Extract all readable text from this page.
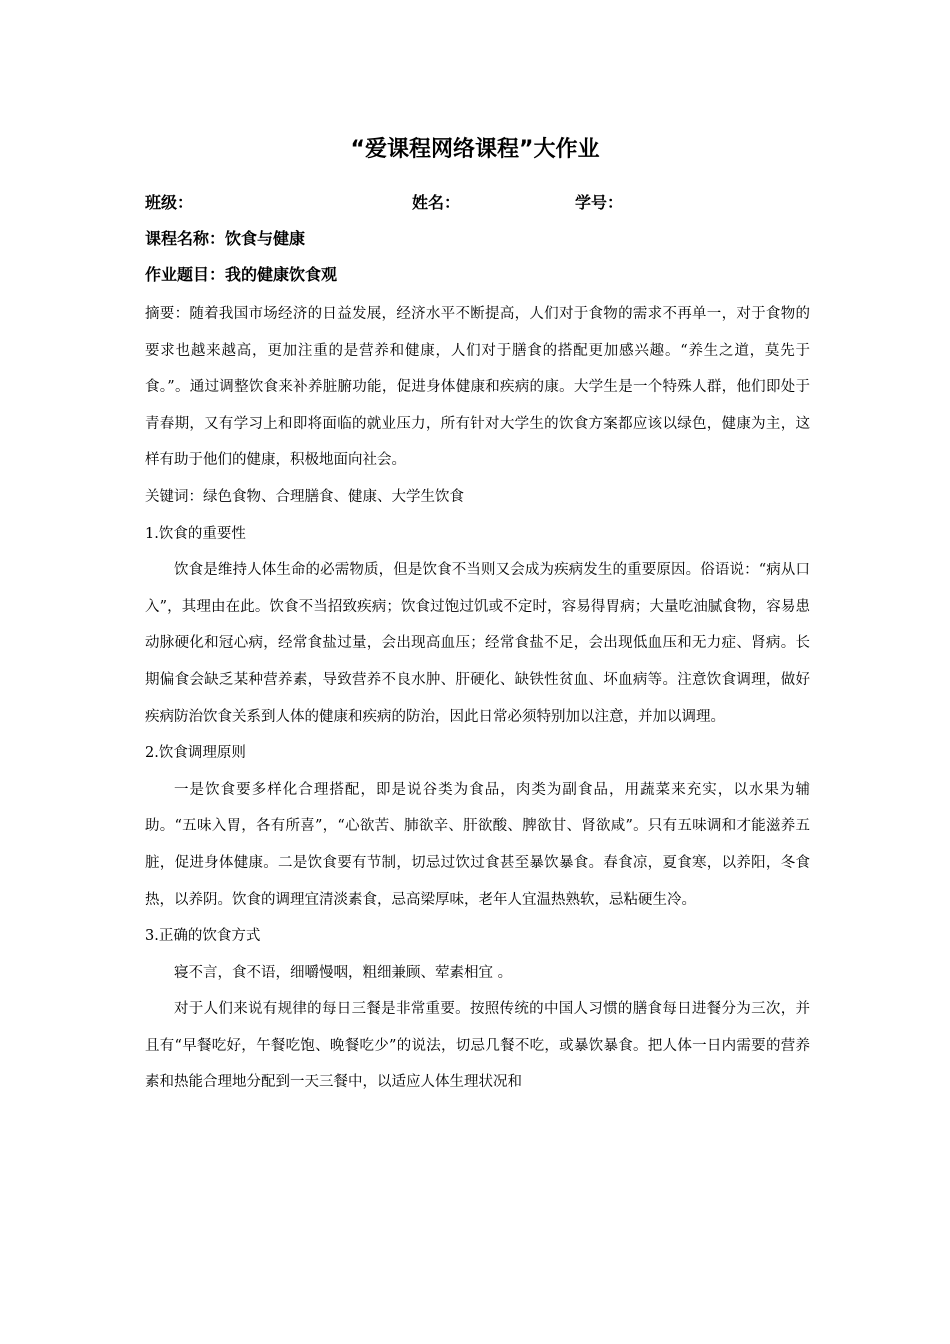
“爱课程网络课程”大作业
班级：	姓名：	学号：
课程名称：饮食与健康
作业题目：我的健康饮食观

摘要：随着我国市场经济的日益发展，经济水平不断提高，人们对于食物的需求不再单一，对于食物的要求也越来越高，更加注重的是营养和健康，人们对于膳食的搭配更加感兴趣。“养生之道，莫先于食。”。通过调整饮食来补养脏腑功能，促进身体健康和疾病的康。大学生是一个特殊人群，他们即处于青春期，又有学习上和即将面临的就业压力，所有针对大学生的饮食方案都应该以绿色，健康为主，这样有助于他们的健康，积极地面向社会。

关键词：绿色食物、合理膳食、健康、大学生饮食

1.饮食的重要性

饮食是维持人体生命的必需物质，但是饮食不当则又会成为疾病发生的重要原因。俗语说：“病从口入”，其理由在此。饮食不当招致疾病；饮食过饱过饥或不定时，容易得胃病；大量吃油腻食物，容易患动脉硬化和冠心病，经常食盐过量，会出现高血压；经常食盐不足，会出现低血压和无力症、肾病。长期偏食会缺乏某种营养素，导致营养不良水肿、肝硬化、缺铁性贫血、坏血病等。注意饮食调理，做好疾病防治饮食关系到人体的健康和疾病的防治，因此日常必须特别加以注意，并加以调理。

2.饮食调理原则

一是饮食要多样化合理搭配，即是说谷类为食品，肉类为副食品，用蔬菜来充实，以水果为辅助。“五味入胃，各有所喜”，“心欲苦、肺欲辛、肝欲酸、脾欲甘、肾欲咸”。只有五味调和才能滋养五脏，促进身体健康。二是饮食要有节制，切忌过饮过食甚至暴饮暴食。春食凉，夏食寒，以养阳，冬食热，以养阴。饮食的调理宜清淡素食，忌高梁厚味，老年人宜温热熟软，忌粘硬生冷。

3.正确的饮食方式

寝不言，食不语，细嚼慢咽，粗细兼顾、荤素相宜 。

对于人们来说有规律的每日三餐是非常重要。按照传统的中国人习惯的膳食每日进餐分为三次，并且有“早餐吃好，午餐吃饱、晚餐吃少”的说法，切忌几餐不吃，或暴饮暴食。把人体一日内需要的营养素和热能合理地分配到一天三餐中，以适应人体生理状况和
